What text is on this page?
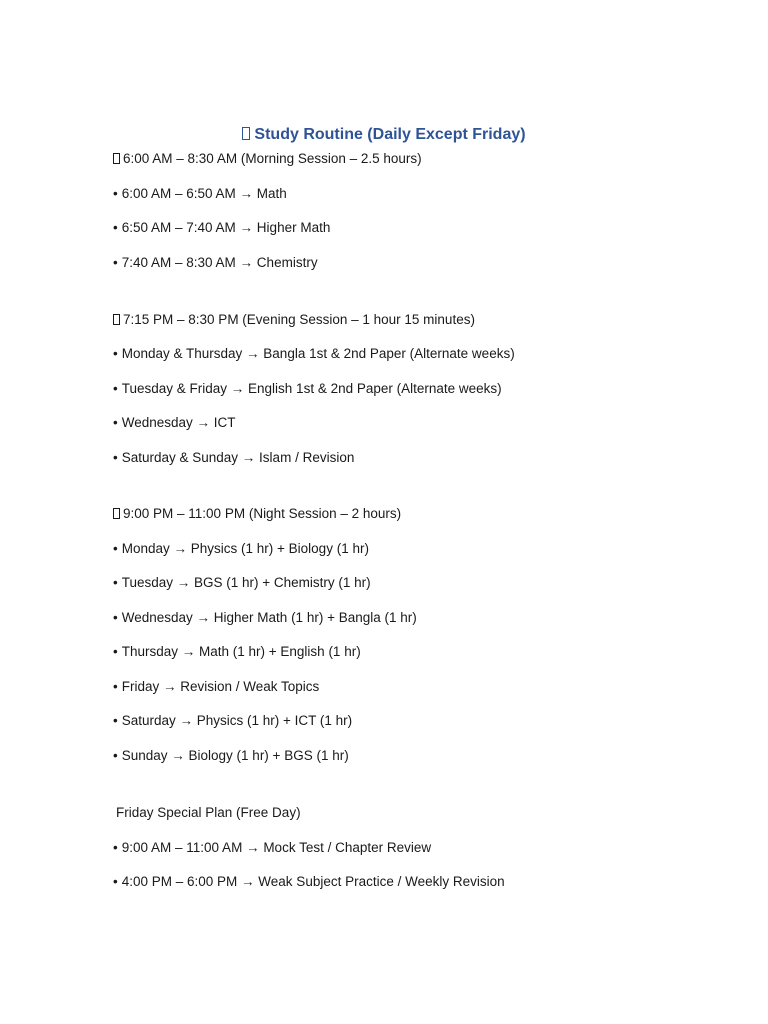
Study Routine (Daily Except Friday)
6:00 AM – 8:30 AM (Morning Session – 2.5 hours)
• 6:00 AM – 6:50 AM → Math
• 6:50 AM – 7:40 AM → Higher Math
• 7:40 AM – 8:30 AM → Chemistry
7:15 PM – 8:30 PM (Evening Session – 1 hour 15 minutes)
• Monday & Thursday → Bangla 1st & 2nd Paper (Alternate weeks)
• Tuesday & Friday → English 1st & 2nd Paper (Alternate weeks)
• Wednesday → ICT
• Saturday & Sunday → Islam / Revision
9:00 PM – 11:00 PM (Night Session – 2 hours)
• Monday → Physics (1 hr) + Biology (1 hr)
• Tuesday → BGS (1 hr) + Chemistry (1 hr)
• Wednesday → Higher Math (1 hr) + Bangla (1 hr)
• Thursday → Math (1 hr) + English (1 hr)
• Friday → Revision / Weak Topics
• Saturday → Physics (1 hr) + ICT (1 hr)
• Sunday → Biology (1 hr) + BGS (1 hr)
Friday Special Plan (Free Day)
• 9:00 AM – 11:00 AM → Mock Test / Chapter Review
• 4:00 PM – 6:00 PM → Weak Subject Practice / Weekly Revision
